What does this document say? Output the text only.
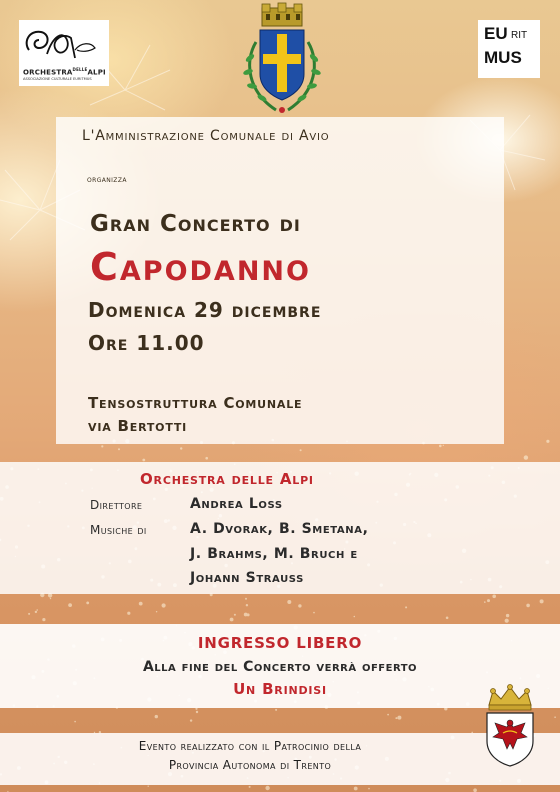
$ORCHESTRA^{DELLE}ALPI$
ASSOCIAZIONE CULTURALE EURITMUS
EU RIT
MUS
L'Amministrazione Comunale di Avio
organizza
Gran Concerto di
Capodanno
Domenica 29 dicembre
Ore 11.00
Tensostruttura Comunale
via Bertotti
Orchestra delle Alpi
Direttore	Andrea Loss
Musiche di	A. Dvorak, B. Smetana,
J. Brahms, M. Bruch e
Johann Strauss
INGRESSO LIBERO
Alla fine del Concerto verrà offerto
Un Brindisi
Evento realizzato con il Patrocinio della
Provincia Autonoma di Trento
